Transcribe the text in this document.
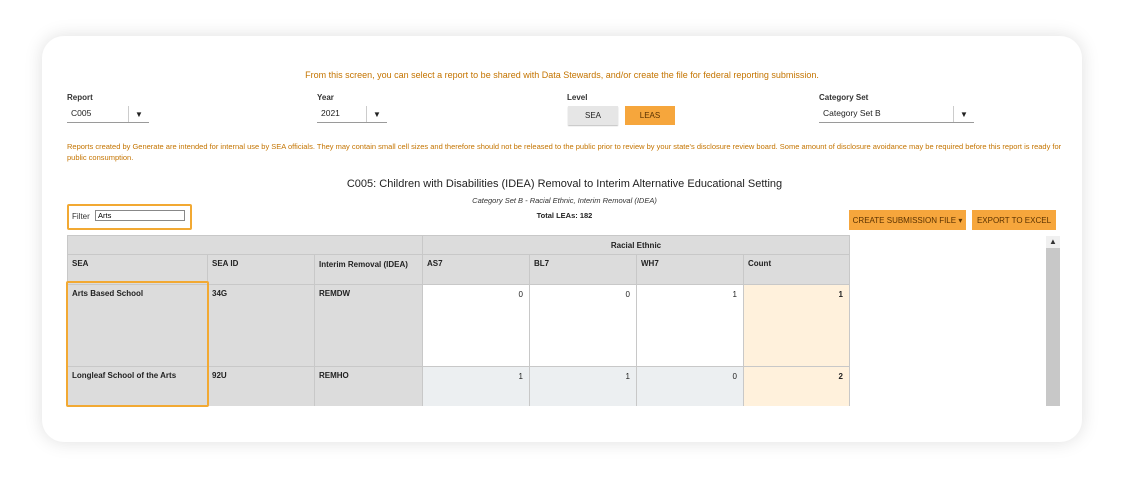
From this screen, you can select a report to be shared with Data Stewards, and/or create the file for federal reporting submission.
Report
C005	▼
Year
2021	▼
Level
SEA	LEAS
Category Set
Category Set B	▼
Reports created by Generate are intended for internal use by SEA officials. They may contain small cell sizes and therefore should not be released to the public prior to review by your state's disclosure review board. Some amount of disclosure avoidance may be required before this report is ready for public consumption.
C005: Children with Disabilities (IDEA) Removal to Interim Alternative Educational Setting
Category Set B - Racial Ethnic, Interim Removal (IDEA)
Total LEAs: 182
Filter
Arts	CREATE SUBMISSION FILE ▾	EXPORT TO EXCEL
Racial Ethnic
SEA	SEA ID	Interim Removal (IDEA)	AS7	BL7	WH7	Count
Arts Based School	34G	REMDW	0	0	1	1
Longleaf School of the Arts	92U	REMHO	1	1	0	2
▲
